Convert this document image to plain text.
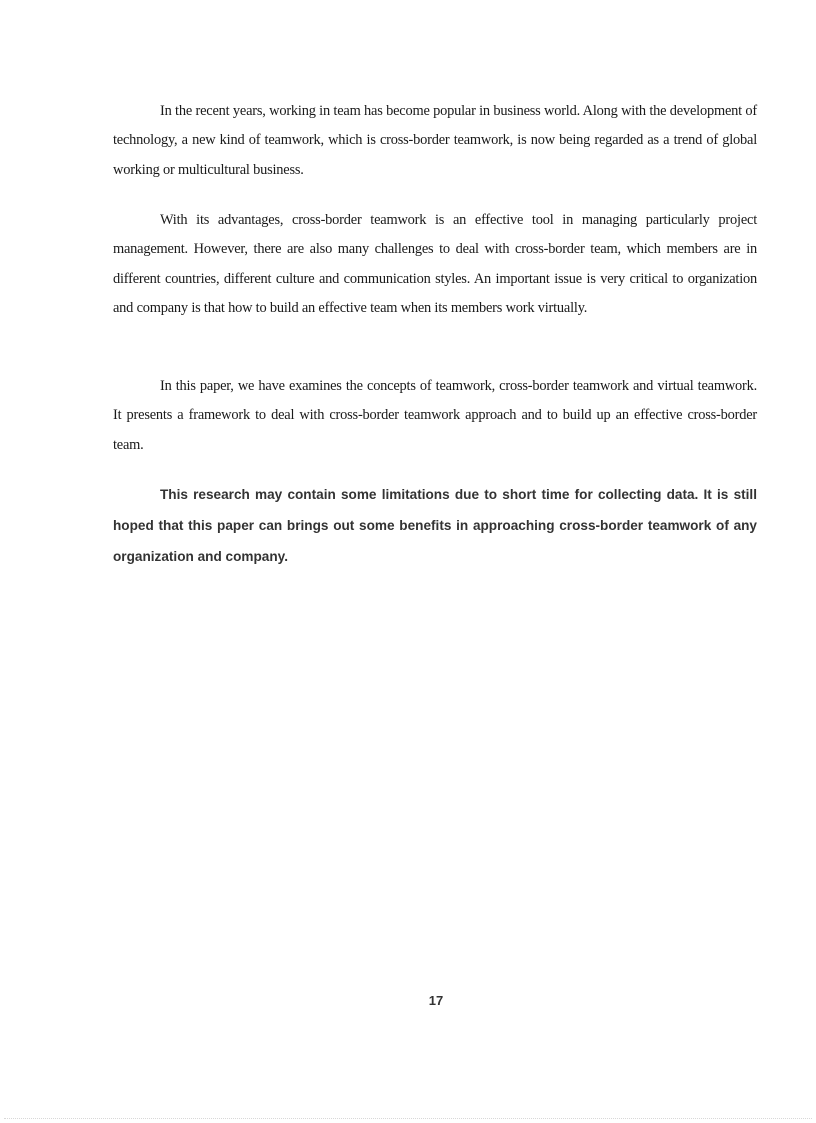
In the recent years, working in team has become popular in business world. Along with the development of technology, a new kind of teamwork, which is cross-border teamwork, is now being regarded as a trend of global working or multicultural business.

With its advantages, cross-border teamwork is an effective tool in managing particularly project management. However, there are also many challenges to deal with cross-border team, which members are in different countries, different culture and communication styles. An important issue is very critical to organization and company is that how to build an effective team when its members work virtually.

In this paper, we have examines the concepts of teamwork, cross-border teamwork and virtual teamwork. It presents a framework to deal with cross-border teamwork approach and to build up an effective cross-border team.

This research may contain some limitations due to short time for collecting data. It is still hoped that this paper can brings out some benefits in approaching cross-border teamwork of any organization and company.

17
